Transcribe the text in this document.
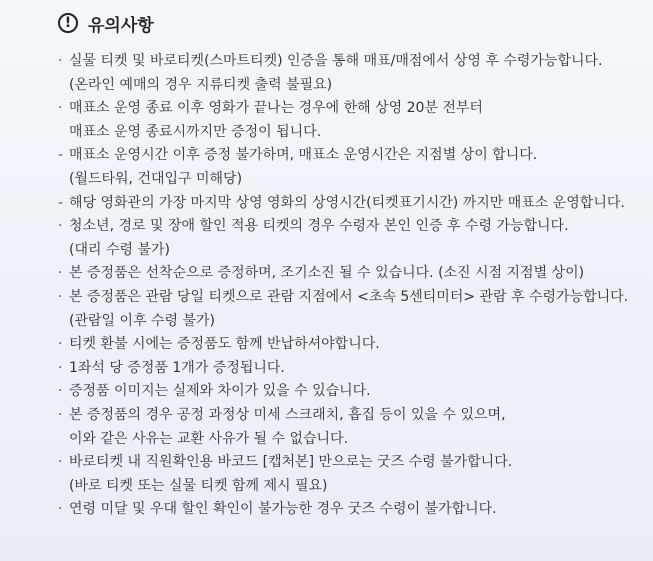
! 유의사항
· 실물 티켓 및 바로티켓(스마트티켓) 인증을 통해 매표/매점에서 상영 후 수령가능합니다.
(온라인 예매의 경우 지류티켓 출력 불필요)
· 매표소 운영 종료 이후 영화가 끝나는 경우에 한해 상영 20분 전부터
매표소 운영 종료시까지만 증정이 됩니다.
- 매표소 운영시간 이후 증정 불가하며, 매표소 운영시간은 지점별 상이 합니다.
(월드타워, 건대입구 미해당)
- 해당 영화관의 가장 마지막 상영 영화의 상영시간(티켓표기시간) 까지만 매표소 운영합니다.
· 청소년, 경로 및 장애 할인 적용 티켓의 경우 수령자 본인 인증 후 수령 가능합니다.
(대리 수령 불가)
· 본 증정품은 선착순으로 증정하며, 조기소진 될 수 있습니다. (소진 시점 지점별 상이)
· 본 증정품은 관람 당일 티켓으로 관람 지점에서 <초속 5센티미터> 관람 후 수령가능합니다.
(관람일 이후 수령 불가)
· 티켓 환불 시에는 증정품도 함께 반납하셔야합니다.
· 1좌석 당 증정품 1개가 증정됩니다.
· 증정품 이미지는 실제와 차이가 있을 수 있습니다.
· 본 증정품의 경우 공정 과정상 미세 스크래치, 흡집 등이 있을 수 있으며,
이와 같은 사유는 교환 사유가 될 수 없습니다.
· 바로티켓 내 직원확인용 바코드 [캡처본] 만으로는 굿즈 수령 불가합니다.
(바로 티켓 또는 실물 티켓 함께 제시 필요)
· 연령 미달 및 우대 할인 확인이 불가능한 경우 굿즈 수령이 불가합니다.
